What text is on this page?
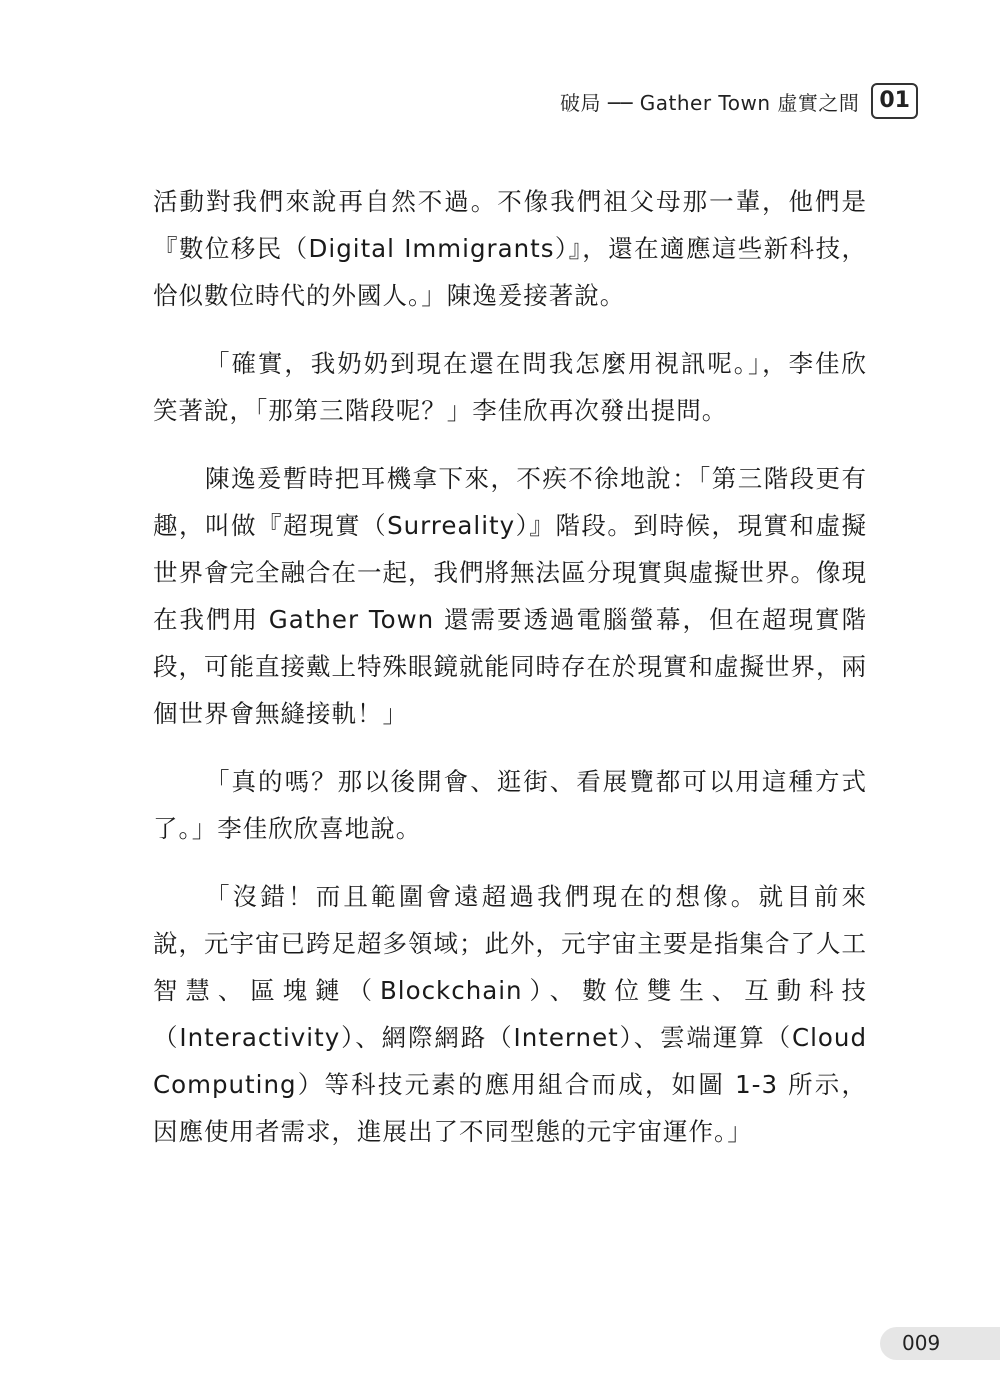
破局 ── Gather Town 虛實之間 01

活動對我們來說再自然不過。不像我們祖父母那一輩，他們是『數位移民（Digital Immigrants）』，還在適應這些新科技，恰似數位時代的外國人。」陳逸爰接著說。

「確實，我奶奶到現在還在問我怎麼用視訊呢。」，李佳欣笑著說，「那第三階段呢？」李佳欣再次發出提問。

陳逸爰暫時把耳機拿下來，不疾不徐地說：「第三階段更有趣，叫做『超現實（Surreality）』階段。到時候，現實和虛擬世界會完全融合在一起，我們將無法區分現實與虛擬世界。像現在我們用 Gather Town 還需要透過電腦螢幕，但在超現實階段，可能直接戴上特殊眼鏡就能同時存在於現實和虛擬世界，兩個世界會無縫接軌！」

「真的嗎？那以後開會、逛街、看展覽都可以用這種方式了。」李佳欣欣喜地說。

「沒錯！而且範圍會遠超過我們現在的想像。就目前來說，元宇宙已跨足超多領域；此外，元宇宙主要是指集合了人工智慧、區塊鏈（Blockchain）、數位雙生、互動科技（Interactivity）、網際網路（Internet）、雲端運算（Cloud Computing）等科技元素的應用組合而成，如圖 1-3 所示，因應使用者需求，進展出了不同型態的元宇宙運作。」

009
